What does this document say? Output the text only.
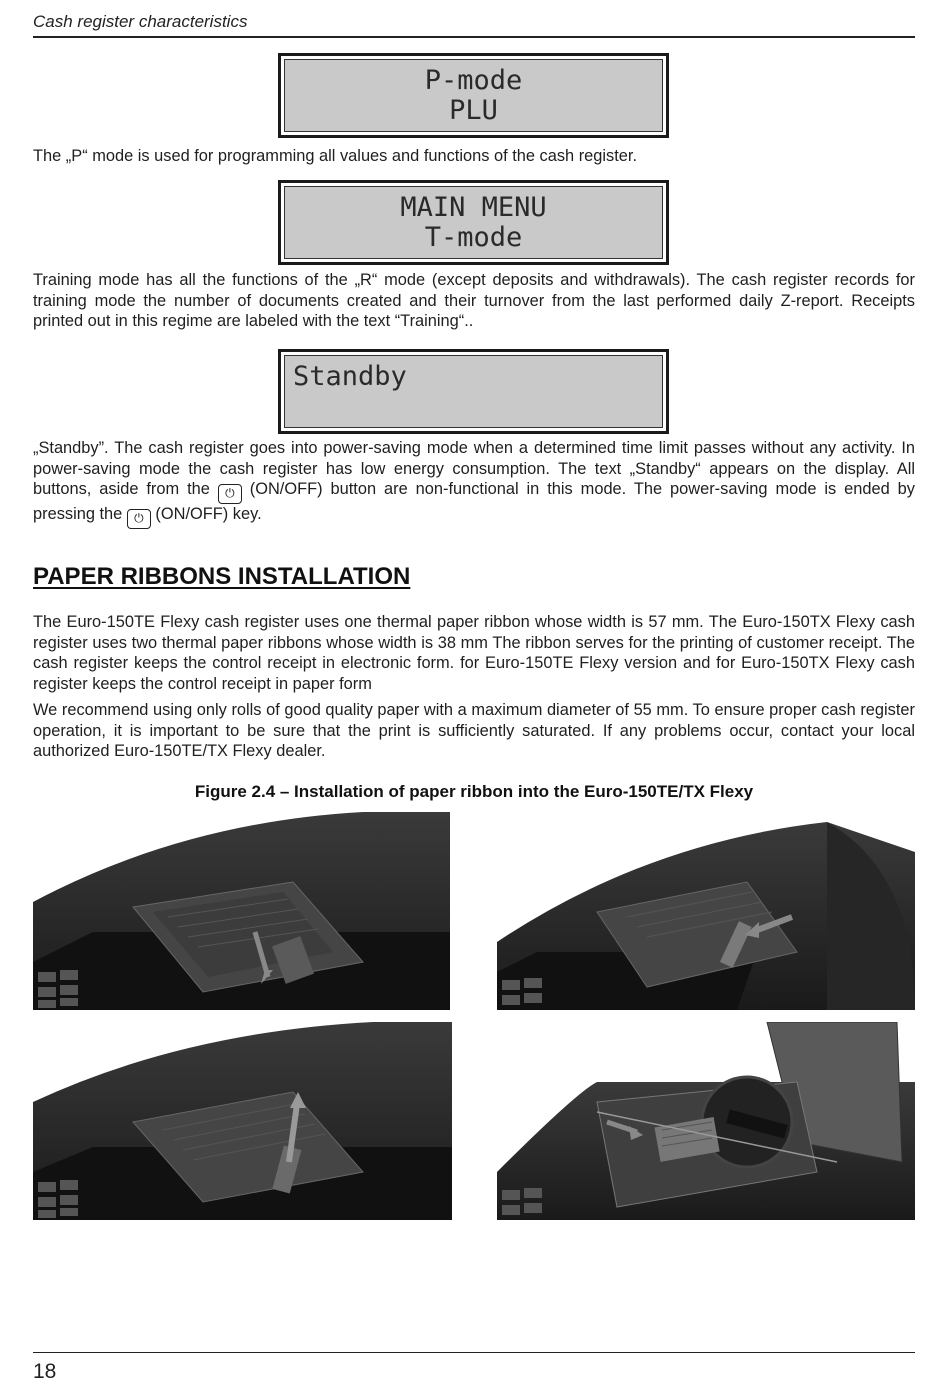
Cash register characteristics
P-mode
PLU

The „P“ mode is used for programming all values and functions of the cash register.

MAIN MENU
T-mode

Training mode has all the functions of the „R“ mode (except deposits and withdrawals). The cash register records for training mode the number of documents created and their turnover from the last performed daily Z-report. Receipts printed out in this regime are labeled with the text “Training“..

Standby

„Standby”. The cash register goes into power-saving mode when a determined time limit passes without any activity. In power-saving mode the cash register has low energy consumption. The text „Standby“ appears on the display. All buttons, aside from the ⏻ (ON/OFF) button are non-functional in this mode. The power-saving mode is ended by pressing the ⏻ (ON/OFF) key.

PAPER RIBBONS INSTALLATION

The Euro-150TE Flexy cash register uses one thermal paper ribbon whose width is 57 mm. The Euro-150TX Flexy cash register uses two thermal paper ribbons whose width is 38 mm The ribbon serves for the printing of customer receipt. The cash register keeps the control receipt in electronic form. for Euro-150TE Flexy version and for Euro-150TX Flexy cash register keeps the control receipt in paper form

We recommend using only rolls of good quality paper with a maximum diameter of 55 mm. To ensure proper cash register operation, it is important to be sure that the print is sufficiently saturated. If any problems occur, contact your local authorized Euro-150TE/TX Flexy dealer.

Figure 2.4 – Installation of paper ribbon into the Euro-150TE/TX Flexy
18
